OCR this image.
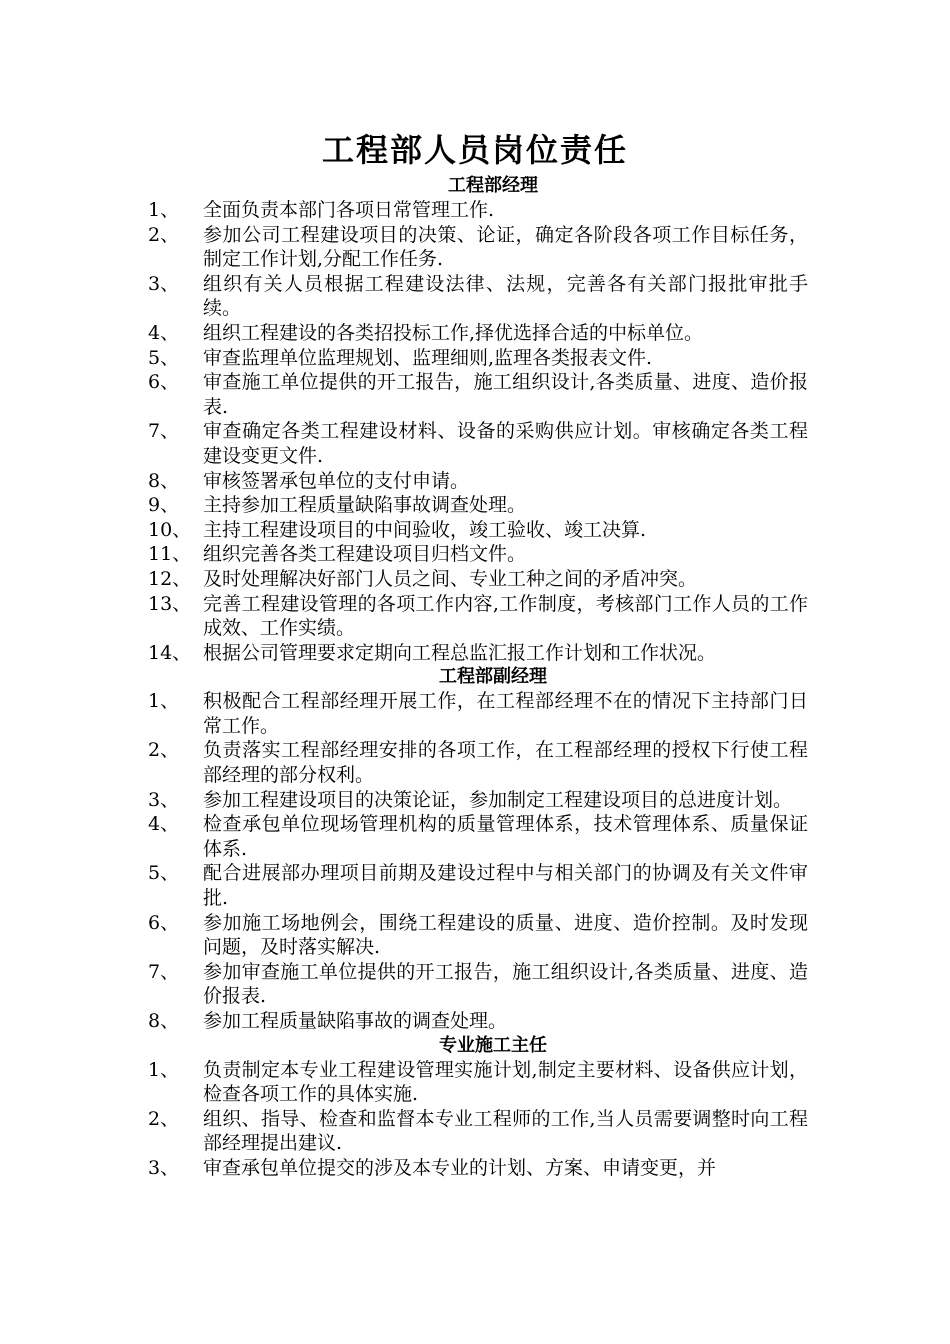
工程部人员岗位责任
工程部经理
1、	全面负责本部门各项日常管理工作.
2、	参加公司工程建设项目的决策、论证，确定各阶段各项工作目标任务，制定工作计划,分配工作任务.
3、	组织有关人员根据工程建设法律、法规，完善各有关部门报批审批手续。
4、	组织工程建设的各类招投标工作,择优选择合适的中标单位。
5、	审查监理单位监理规划、监理细则,监理各类报表文件.
6、	审查施工单位提供的开工报告，施工组织设计,各类质量、进度、造价报表.
7、	审查确定各类工程建设材料、设备的采购供应计划。审核确定各类工程建设变更文件.
8、	审核签署承包单位的支付申请。
9、	主持参加工程质量缺陷事故调查处理。
10、 主持工程建设项目的中间验收，竣工验收、竣工决算.
11、 组织完善各类工程建设项目归档文件。
12、 及时处理解决好部门人员之间、专业工种之间的矛盾冲突。
13、 完善工程建设管理的各项工作内容,工作制度，考核部门工作人员的工作成效、工作实绩。
14、 根据公司管理要求定期向工程总监汇报工作计划和工作状况。
工程部副经理
1、	积极配合工程部经理开展工作，在工程部经理不在的情况下主持部门日常工作。
2、	负责落实工程部经理安排的各项工作，在工程部经理的授权下行使工程部经理的部分权利。
3、	参加工程建设项目的决策论证，参加制定工程建设项目的总进度计划。
4、	检查承包单位现场管理机构的质量管理体系，技术管理体系、质量保证体系.
5、	配合进展部办理项目前期及建设过程中与相关部门的协调及有关文件审批.
6、	参加施工场地例会，围绕工程建设的质量、进度、造价控制。及时发现问题，及时落实解决.
7、	参加审查施工单位提供的开工报告，施工组织设计,各类质量、进度、造价报表.
8、	参加工程质量缺陷事故的调查处理。
专业施工主任
1、	负责制定本专业工程建设管理实施计划,制定主要材料、设备供应计划，检查各项工作的具体实施.
2、	组织、指导、检查和监督本专业工程师的工作,当人员需要调整时向工程部经理提出建议.
3、	审查承包单位提交的涉及本专业的计划、方案、申请变更，并
